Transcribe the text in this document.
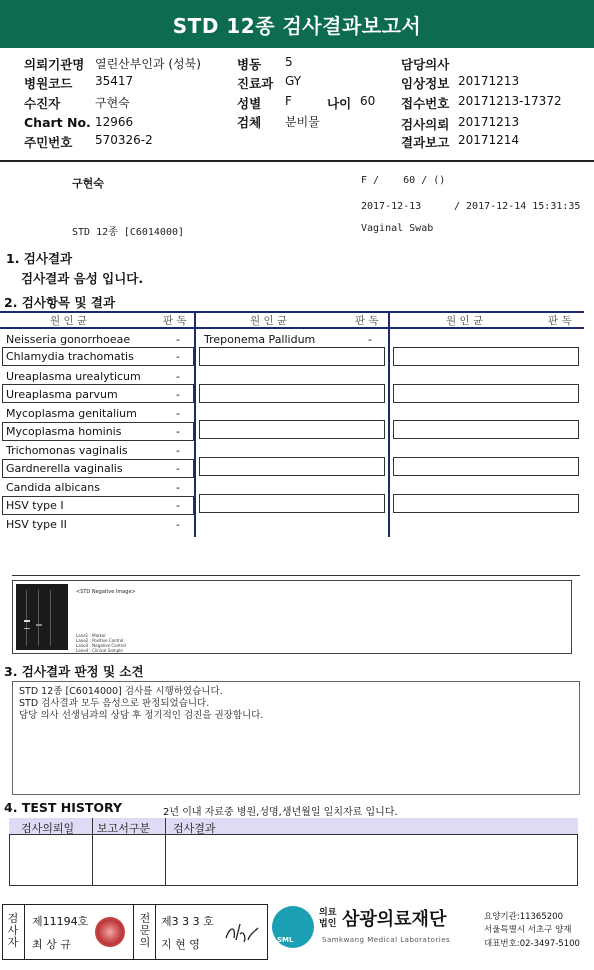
STD 12종 검사결과보고서
의뢰기관명 열린산부인과 (성북)
병원코드 35417
수진자	구현숙
Chart No. 12966
주민번호 570326-2
병동 5
진료과 GY
성별 F	나이 60
검체 분비물
담당의사
임상정보 20171213
접수번호 20171213-17372
검사의뢰 20171213
결과보고 20171214
구현숙	F /    60 / ()
2017-12-13	/ 2017-12-14 15:31:35
STD 12종 [C6014000]	Vaginal Swab
1. 검사결과
검사결과 음성 입니다.
2. 검사항목 및 결과
원 인 균	판 독	원 인 균	판 독	원 인 균	판 독
Neisseria gonorrhoeae	-
Chlamydia trachomatis	-
Ureaplasma urealyticum	-
Ureaplasma parvum	-
Mycoplasma genitalium	-
Mycoplasma hominis	-
Trichomonas vaginalis	-
Gardnerella vaginalis	-
Candida albicans	-
HSV type I	-
HSV type II	-
Treponema Pallidum	-
<STD Negative Image>
Lane1 : Marker
Lane2 : Positive Control
Lane3 : Negative Control
Lane4 : Clinical Sample
3. 검사결과 판정 및 소견
STD 12종 [C6014000] 검사를 시행하였습니다.
STD 검사결과 모두 음성으로 판정되었습니다.
담당 의사 선생님과의 상담 후 정기적인 검진을 권장합니다.
4. TEST HISTORY	2년 이내 자료중 병원,성명,생년월일 일치자료 입니다.
검사의뢰일 보고서구분 검사결과
검사자
제11194호
최 상 규
전문의
제3 3 3 호
지 현 영	SML
의료법인 삼광의료재단
Samkwang Medical Laboratories
요양기관:11365200
서울특별시 서초구 양재
대표번호:02-3497-5100
